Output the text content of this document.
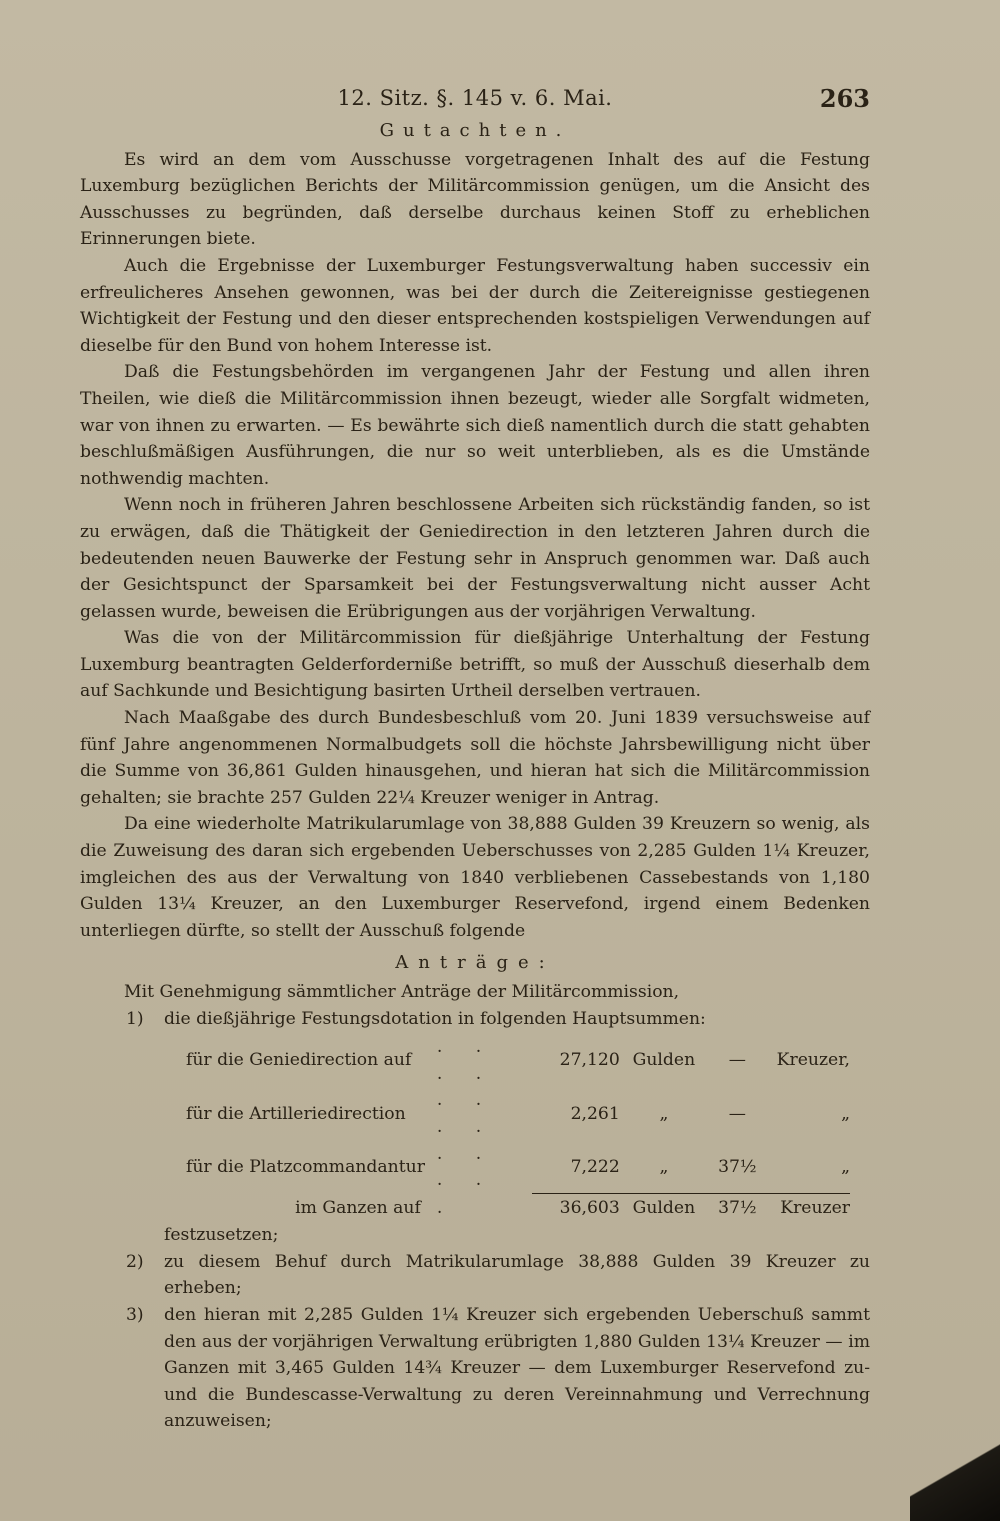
12. Sitz. §. 145 v. 6. Mai.	263
Gutachten.

Es wird an dem vom Ausschusse vorgetragenen Inhalt des auf die Festung Luxemburg bezüglichen Berichts der Militärcommission genügen, um die Ansicht des Ausschusses zu begründen, daß derselbe durchaus keinen Stoff zu erheblichen Erinnerungen biete.

Auch die Ergebnisse der Luxemburger Festungsverwaltung haben successiv ein erfreulicheres Ansehen gewonnen, was bei der durch die Zeitereignisse gestiegenen Wichtigkeit der Festung und den dieser entsprechenden kostspieligen Verwendungen auf dieselbe für den Bund von hohem Interesse ist.

Daß die Festungsbehörden im vergangenen Jahr der Festung und allen ihren Theilen, wie dieß die Militärcommission ihnen bezeugt, wieder alle Sorgfalt widmeten, war von ihnen zu erwarten. — Es bewährte sich dieß namentlich durch die statt gehabten beschlußmäßigen Ausführungen, die nur so weit unterblieben, als es die Umstände nothwendig machten.

Wenn noch in früheren Jahren beschlossene Arbeiten sich rückständig fanden, so ist zu erwägen, daß die Thätigkeit der Geniedirection in den letzteren Jahren durch die bedeutenden neuen Bauwerke der Festung sehr in Anspruch genommen war. Daß auch der Gesichtspunct der Sparsamkeit bei der Festungsverwaltung nicht ausser Acht gelassen wurde, beweisen die Erübrigungen aus der vorjährigen Verwaltung.

Was die von der Militärcommission für dießjährige Unterhaltung der Festung Luxemburg beantragten Gelderforderniße betrifft, so muß der Ausschuß dieserhalb dem auf Sachkunde und Besichtigung basirten Urtheil derselben vertrauen.

Nach Maaßgabe des durch Bundesbeschluß vom 20. Juni 1839 versuchsweise auf fünf Jahre angenommenen Normalbudgets soll die höchste Jahrsbewilligung nicht über die Summe von 36,861 Gulden hinausgehen, und hieran hat sich die Militärcommission gehalten; sie brachte 257 Gulden 22¼ Kreuzer weniger in Antrag.

Da eine wiederholte Matrikularumlage von 38,888 Gulden 39 Kreuzern so wenig, als die Zuweisung des daran sich ergebenden Ueberschusses von 2,285 Gulden 1¼ Kreuzer, imgleichen des aus der Verwaltung von 1840 verbliebenen Cassebestands von 1,180 Gulden 13¼ Kreuzer, an den Luxemburger Reservefond, irgend einem Bedenken unterliegen dürfte, so stellt der Ausschuß folgende

Anträge:

Mit Genehmigung sämmtlicher Anträge der Militärcommission,

1) die dießjährige Festungsdotation in folgenden Hauptsummen:
für die Geniedirection auf	. . . .	27,120	Gulden	—	Kreuzer,
für die Artilleriedirection	. . . .	2,261	„	—	„
für die Platzcommandantur	. . . .	7,222	„	37½	„
im Ganzen auf	.	36,603	Gulden	37½	Kreuzer

festzusetzen;

2) zu diesem Behuf durch Matrikularumlage 38,888 Gulden 39 Kreuzer zu erheben;
3) den hieran mit 2,285 Gulden 1¼ Kreuzer sich ergebenden Ueberschuß sammt den aus der vorjährigen Verwaltung erübrigten 1,880 Gulden 13¼ Kreuzer — im Ganzen mit 3,465 Gulden 14¾ Kreuzer — dem Luxemburger Reservefond zu- und die Bundescasse-Verwaltung zu deren Vereinnahmung und Verrechnung anzuweisen;
